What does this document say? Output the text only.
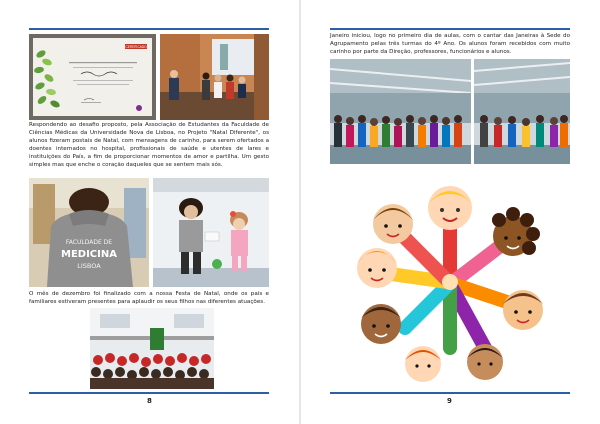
CERTIFICADO

Respondendo ao desafio proposto, pela Associação de Estudantes da Faculdade de Ciências Médicas da Universidade Nova de Lisboa, no Projeto "Natal Diferente", os alunos fizeram postais de Natal, com mensagens de carinho, para serem ofertados a doentes internados no hospital, profissionais de saúde e utentes de lares e instituições do País, a fim de proporcionar momentos de amor e partilha. Um gesto simples mas que enche o coração daqueles que se sentem mais sós.

FACULDADE DE
MEDICINA
LISBOA

O mês de dezembro foi finalizado com a nossa Festa de Natal, onde os pais e familiares estiveram presentes para aplaudir os seus filhos nas diferentes atuações.

8

Janeiro iniciou, logo no primeiro dia de aulas, com o cantar das Janeiras à Sede do Agrupamento pelas três turmas do 4º Ano. Os alunos foram recebidos com muito carinho por parte da Direção, professores, funcionários e alunos.

9
